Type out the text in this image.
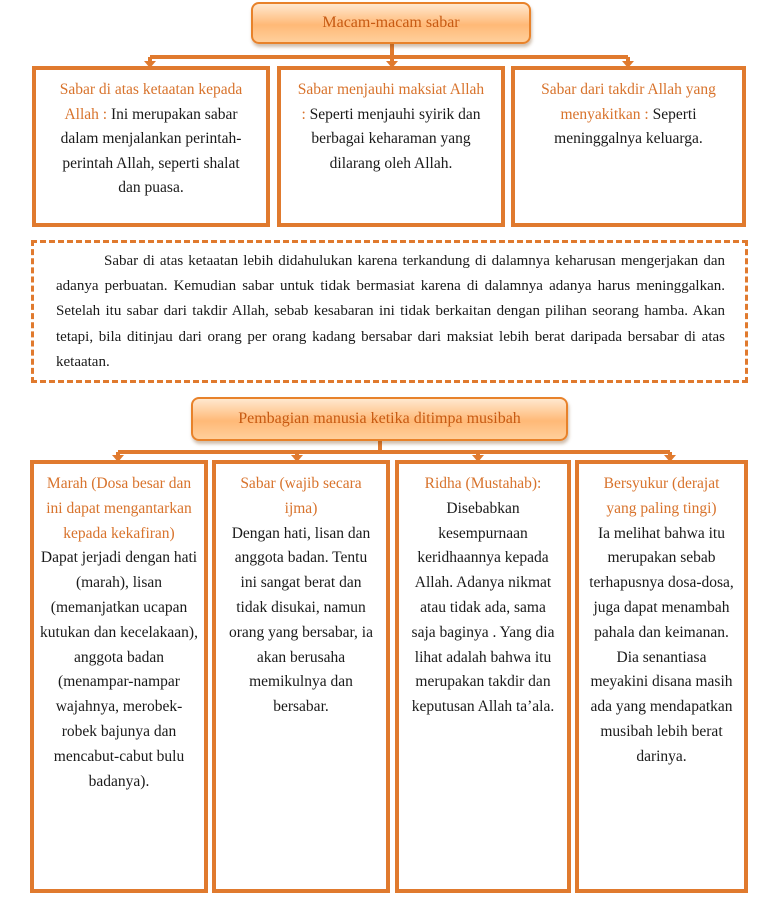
Macam-macam sabar
Sabar di atas ketaatan kepada Allah : Ini merupakan sabar dalam menjalankan perintah-perintah Allah, seperti shalat dan puasa.
Sabar menjauhi maksiat Allah : Seperti menjauhi syirik dan berbagai keharaman yang dilarang oleh Allah.
Sabar dari takdir Allah yang menyakitkan : Seperti meninggalnya keluarga.

Sabar di atas ketaatan lebih didahulukan karena terkandung di dalamnya keharusan mengerjakan dan adanya perbuatan. Kemudian sabar untuk tidak bermasiat karena di dalamnya adanya harus meninggalkan. Setelah itu sabar dari takdir Allah, sebab kesabaran ini tidak berkaitan dengan pilihan seorang hamba. Akan tetapi, bila ditinjau dari orang per orang kadang bersabar dari maksiat lebih berat daripada bersabar di atas ketaatan.

Pembagian manusia ketika ditimpa musibah
Marah (Dosa besar dan ini dapat mengantarkan kepada kekafiran)
Dapat jerjadi dengan hati (marah), lisan (memanjatkan ucapan kutukan dan kecelakaan), anggota badan (menampar-nampar wajahnya, merobek-robek bajunya dan mencabut-cabut bulu badanya).
Sabar (wajib secara ijma)
Dengan hati, lisan dan anggota badan. Tentu ini sangat berat dan tidak disukai, namun orang yang bersabar, ia akan berusaha memikulnya dan bersabar.
Ridha (Mustahab):
Disebabkan kesempurnaan keridhaannya kepada Allah. Adanya nikmat atau tidak ada, sama saja baginya . Yang dia lihat adalah bahwa itu merupakan takdir dan keputusan Allah ta’ala.
Bersyukur (derajat yang paling tingi)
Ia melihat bahwa itu merupakan sebab terhapusnya dosa-dosa, juga dapat menambah pahala dan keimanan. Dia senantiasa meyakini disana masih ada yang mendapatkan musibah lebih berat darinya.
